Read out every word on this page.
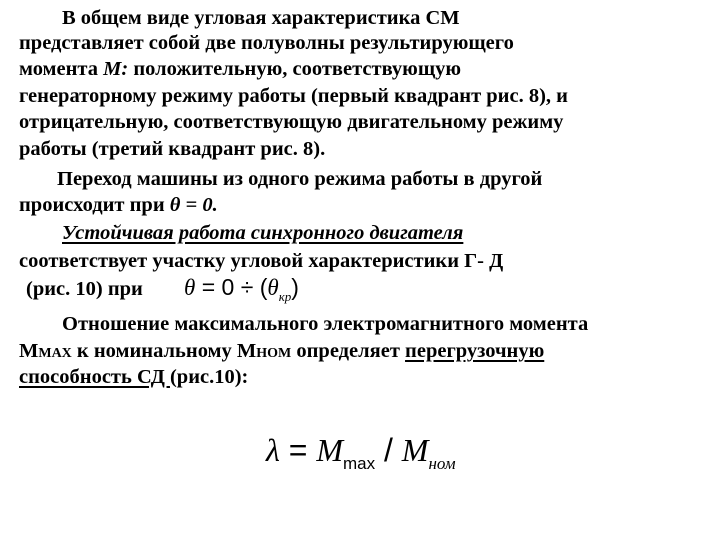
В общем виде угловая характеристика СМ
представляет собой две полуволны результирующего
момента М: положительную, соответствующую
генераторному режиму работы (первый квадрант рис. 8), и
отрицательную, соответствующую двигательному режиму
работы (третий квадрант рис. 8).
Переход машины из одного режима работы в другой
происходит при θ = 0.
Устойчивая работа синхронного двигателя
соответствует участку угловой характеристики Г- Д
(рис. 10) при $\theta = 0 \div (\theta_{кр})$
Отношение максимального электромагнитного момента
МMAX к номинальному МНОМ определяет перегрузочную
способность СД (рис.10):
$\lambda = M_{max} / M_{ном}$
